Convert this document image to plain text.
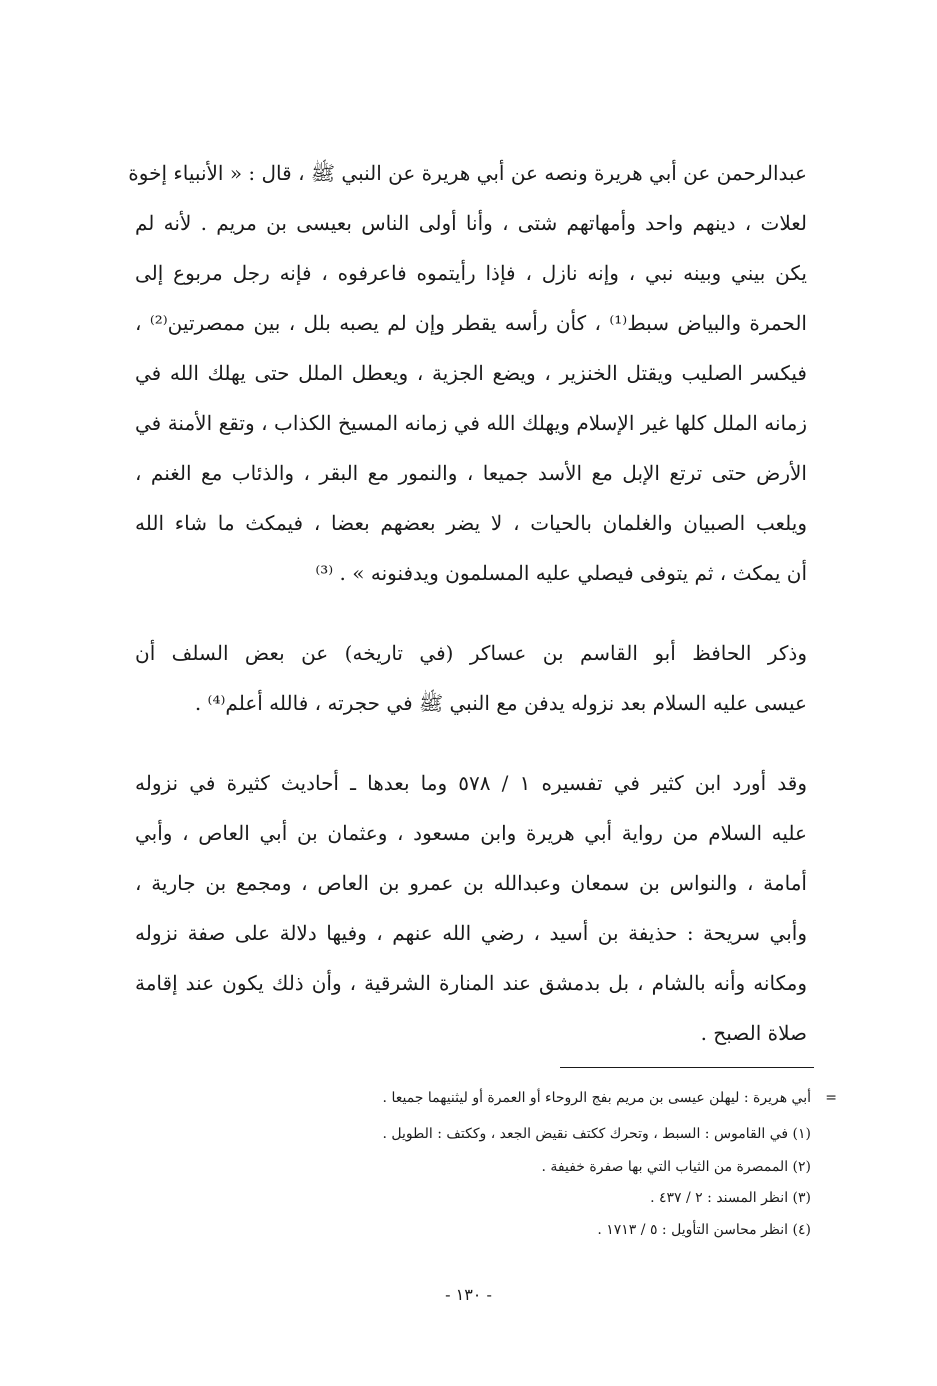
عبدالرحمن عن أبي هريرة ونصه عن أبي هريرة عن النبي ﷺ ، قال : « الأنبياء إخوة
لعلات ، دينهم واحد وأمهاتهم شتى ، وأنا أولى الناس بعيسى بن مريم . لأنه لم
يكن بيني وبينه نبي ، وإنه نازل ، فإذا رأيتموه فاعرفوه ، فإنه رجل مربوع إلى
الحمرة والبياض سبط⁽¹⁾ ، كأن رأسه يقطر وإن لم يصبه بلل ، بين ممصرتين⁽²⁾ ،
فيكسر الصليب ويقتل الخنزير ، ويضع الجزية ، ويعطل الملل حتى يهلك الله في
زمانه الملل كلها غير الإسلام ويهلك الله في زمانه المسيخ الكذاب ، وتقع الأمنة في
الأرض حتى ترتع الإبل مع الأسد جميعا ، والنمور مع البقر ، والذئاب مع الغنم ،
ويلعب الصبيان والغلمان بالحيات ، لا يضر بعضهم بعضا ، فيمكث ما شاء الله
أن يمكث ، ثم يتوفى فيصلي عليه المسلمون ويدفنونه » . ⁽³⁾
وذكر الحافظ أبو القاسم بن عساكر (في تاريخه) عن بعض السلف أن
عيسى عليه السلام بعد نزوله يدفن مع النبي ﷺ في حجرته ، فالله أعلم⁽⁴⁾ .
وقد أورد ابن كثير في تفسيره ١ / ٥٧٨ وما بعدها ـ أحاديث كثيرة في نزوله
عليه السلام من رواية أبي هريرة وابن مسعود ، وعثمان بن أبي العاص ، وأبي
أمامة ، والنواس بن سمعان وعبدالله بن عمرو بن العاص ، ومجمع بن جارية ،
وأبي سريحة : حذيفة بن أسيد ، رضي الله عنهم ، وفيها دلالة على صفة نزوله
ومكانه وأنه بالشام ، بل بدمشق عند المنارة الشرقية ، وأن ذلك يكون عند إقامة
صلاة الصبح .
=
أبي هريرة : ليهلن عيسى بن مريم بفج الروحاء أو العمرة أو ليثنيهما جميعا .
(١) في القاموس : السبط ، وتحرك ككتف نقيض الجعد ، وككتف : الطويل .
(٢) الممصرة من الثياب التي بها صفرة خفيفة .
(٣) انظر المسند : ٢ / ٤٣٧ .
(٤) انظر محاسن التأويل : ٥ / ١٧١٣ .
- ١٣٠ -
